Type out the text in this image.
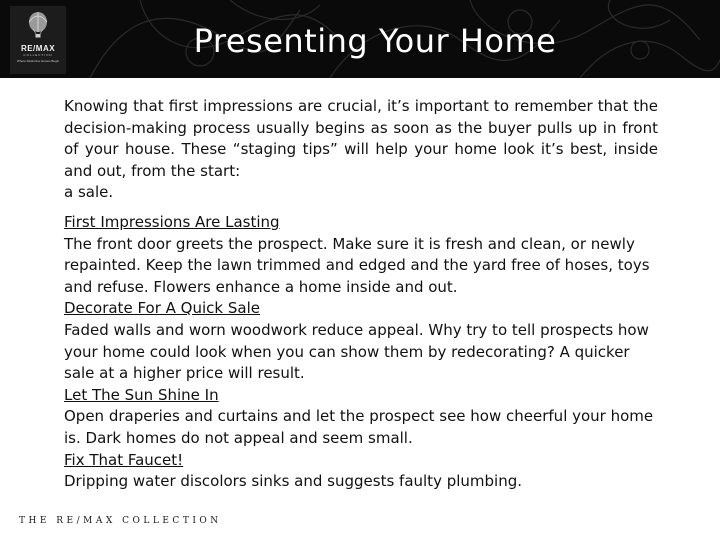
RE/MAX
COLLECTION
Where Distinctive Homes Begin
Presenting Your Home

Knowing that first impressions are crucial, it’s important to remember that the decision-making process usually begins as soon as the buyer pulls up in front of your house. These “staging tips” will help your home look it’s best, inside and out, from the start:
a sale.

First Impressions Are Lasting

The front door greets the prospect. Make sure it is fresh and clean, or newly repainted. Keep the lawn trimmed and edged and the yard free of hoses, toys and refuse. Flowers enhance a home inside and out.

Decorate For A Quick Sale

Faded walls and worn woodwork reduce appeal. Why try to tell prospects how your home could look when you can show them by redecorating? A quicker sale at a higher price will result.

Let The Sun Shine In

Open draperies and curtains and let the prospect see how cheerful your home is. Dark homes do not appeal and seem small.

Fix That Faucet!

Dripping water discolors sinks and suggests faulty plumbing.

THE RE/MAX COLLECTION
